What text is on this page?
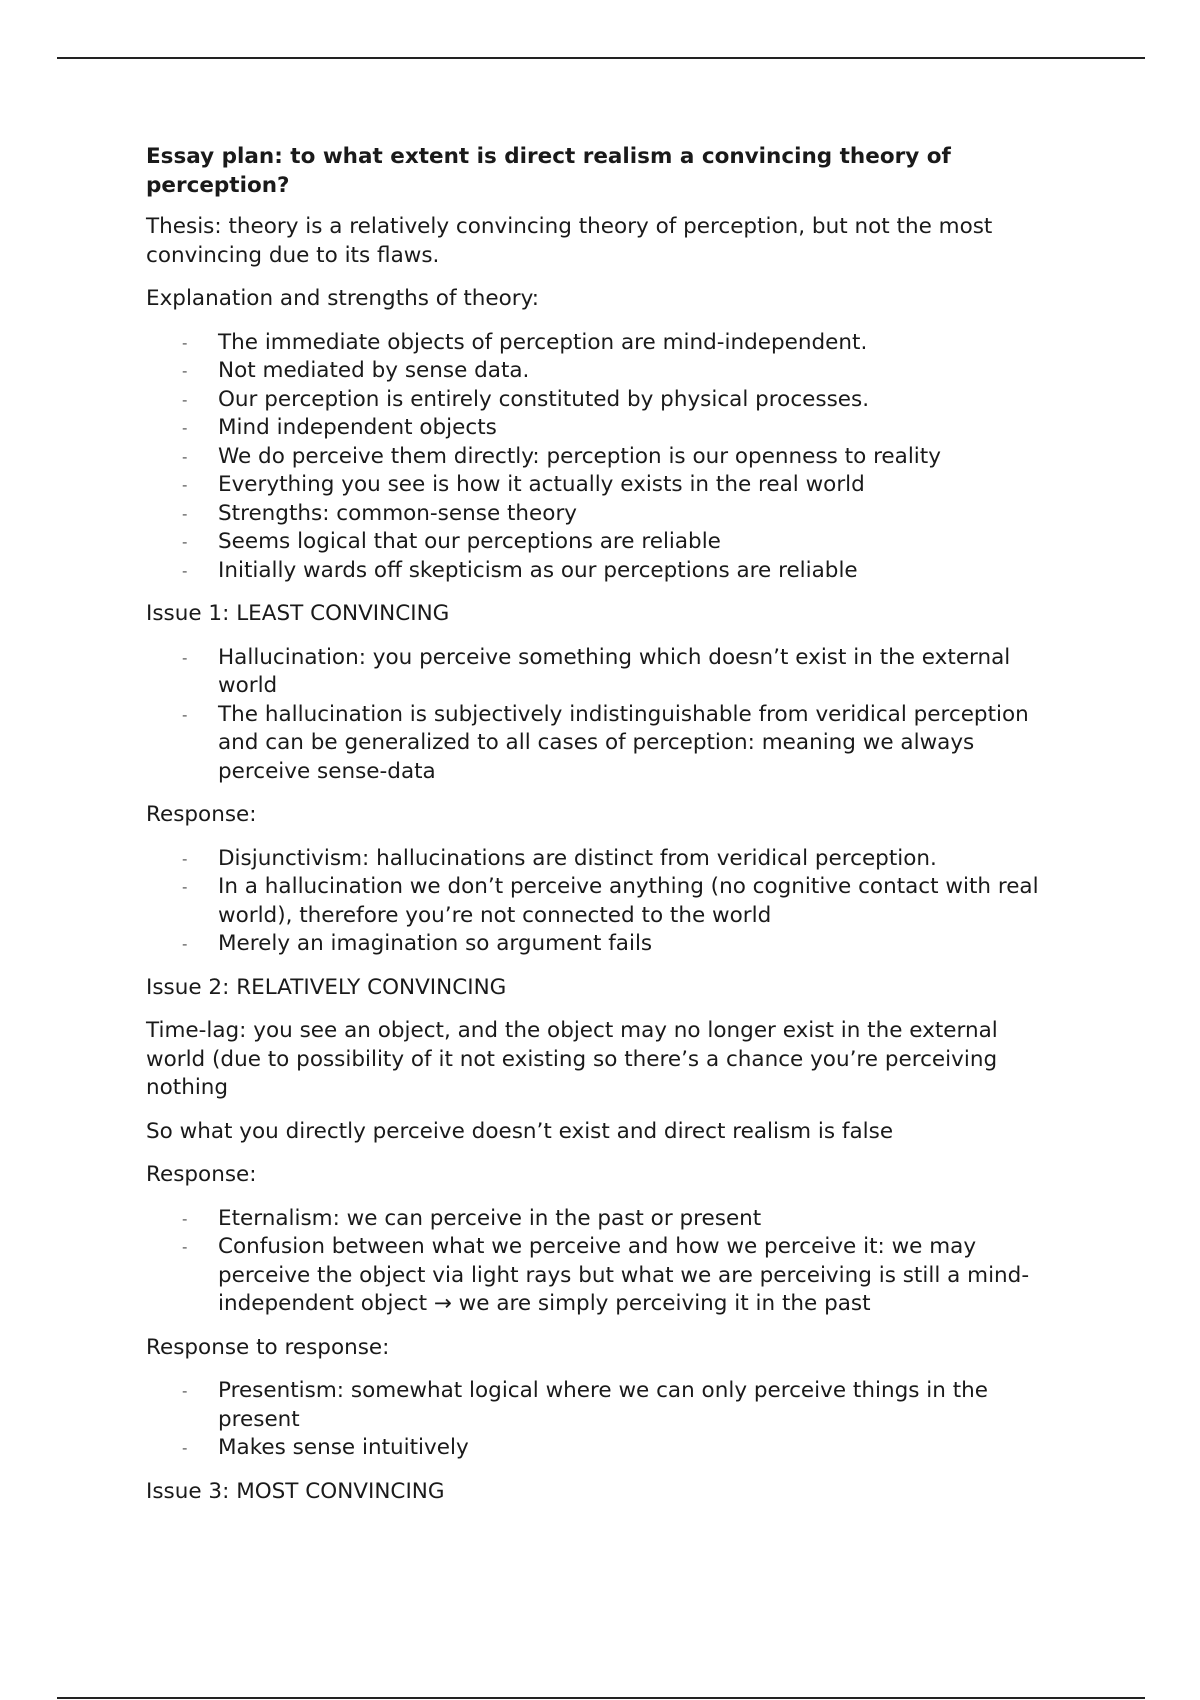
Essay plan: to what extent is direct realism a convincing theory of perception?
Thesis: theory is a relatively convincing theory of perception, but not the most convincing due to its flaws.
Explanation and strengths of theory:
- The immediate objects of perception are mind-independent.
- Not mediated by sense data.
- Our perception is entirely constituted by physical processes.
- Mind independent objects
- We do perceive them directly: perception is our openness to reality
- Everything you see is how it actually exists in the real world
- Strengths: common-sense theory
- Seems logical that our perceptions are reliable
- Initially wards off skepticism as our perceptions are reliable
Issue 1: LEAST CONVINCING
- Hallucination: you perceive something which doesn’t exist in the external world
- The hallucination is subjectively indistinguishable from veridical perception and can be generalized to all cases of perception: meaning we always perceive sense-data
Response:
- Disjunctivism: hallucinations are distinct from veridical perception.
- In a hallucination we don’t perceive anything (no cognitive contact with real world), therefore you’re not connected to the world
- Merely an imagination so argument fails
Issue 2: RELATIVELY CONVINCING
Time-lag: you see an object, and the object may no longer exist in the external world (due to possibility of it not existing so there’s a chance you’re perceiving nothing
So what you directly perceive doesn’t exist and direct realism is false
Response:
- Eternalism: we can perceive in the past or present
- Confusion between what we perceive and how we perceive it: we may perceive the object via light rays but what we are perceiving is still a mind-independent object → we are simply perceiving it in the past
Response to response:
- Presentism: somewhat logical where we can only perceive things in the present
- Makes sense intuitively
Issue 3: MOST CONVINCING
